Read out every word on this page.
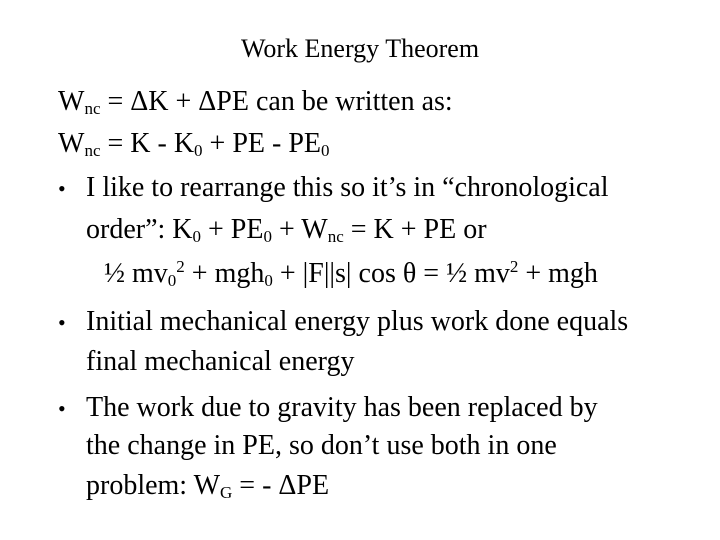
Work Energy Theorem
$W_{nc} = \Delta K + \Delta PE$ can be written as:
$W_{nc} = K - K_0$ + PE - $PE_0$
• I like to rearrange this so it’s in “chronological
order”: $K_0 + PE_0 + W_{nc} = K$ + PE or
½ $mv_0^2 + mgh_0 + |F||s|$ cos θ = ½ $mv^2$ + mgh
• Initial mechanical energy plus work done equals
final mechanical energy
• The work due to gravity has been replaced by
the change in PE, so don’t use both in one
problem: $W_G$ = - ΔPE
